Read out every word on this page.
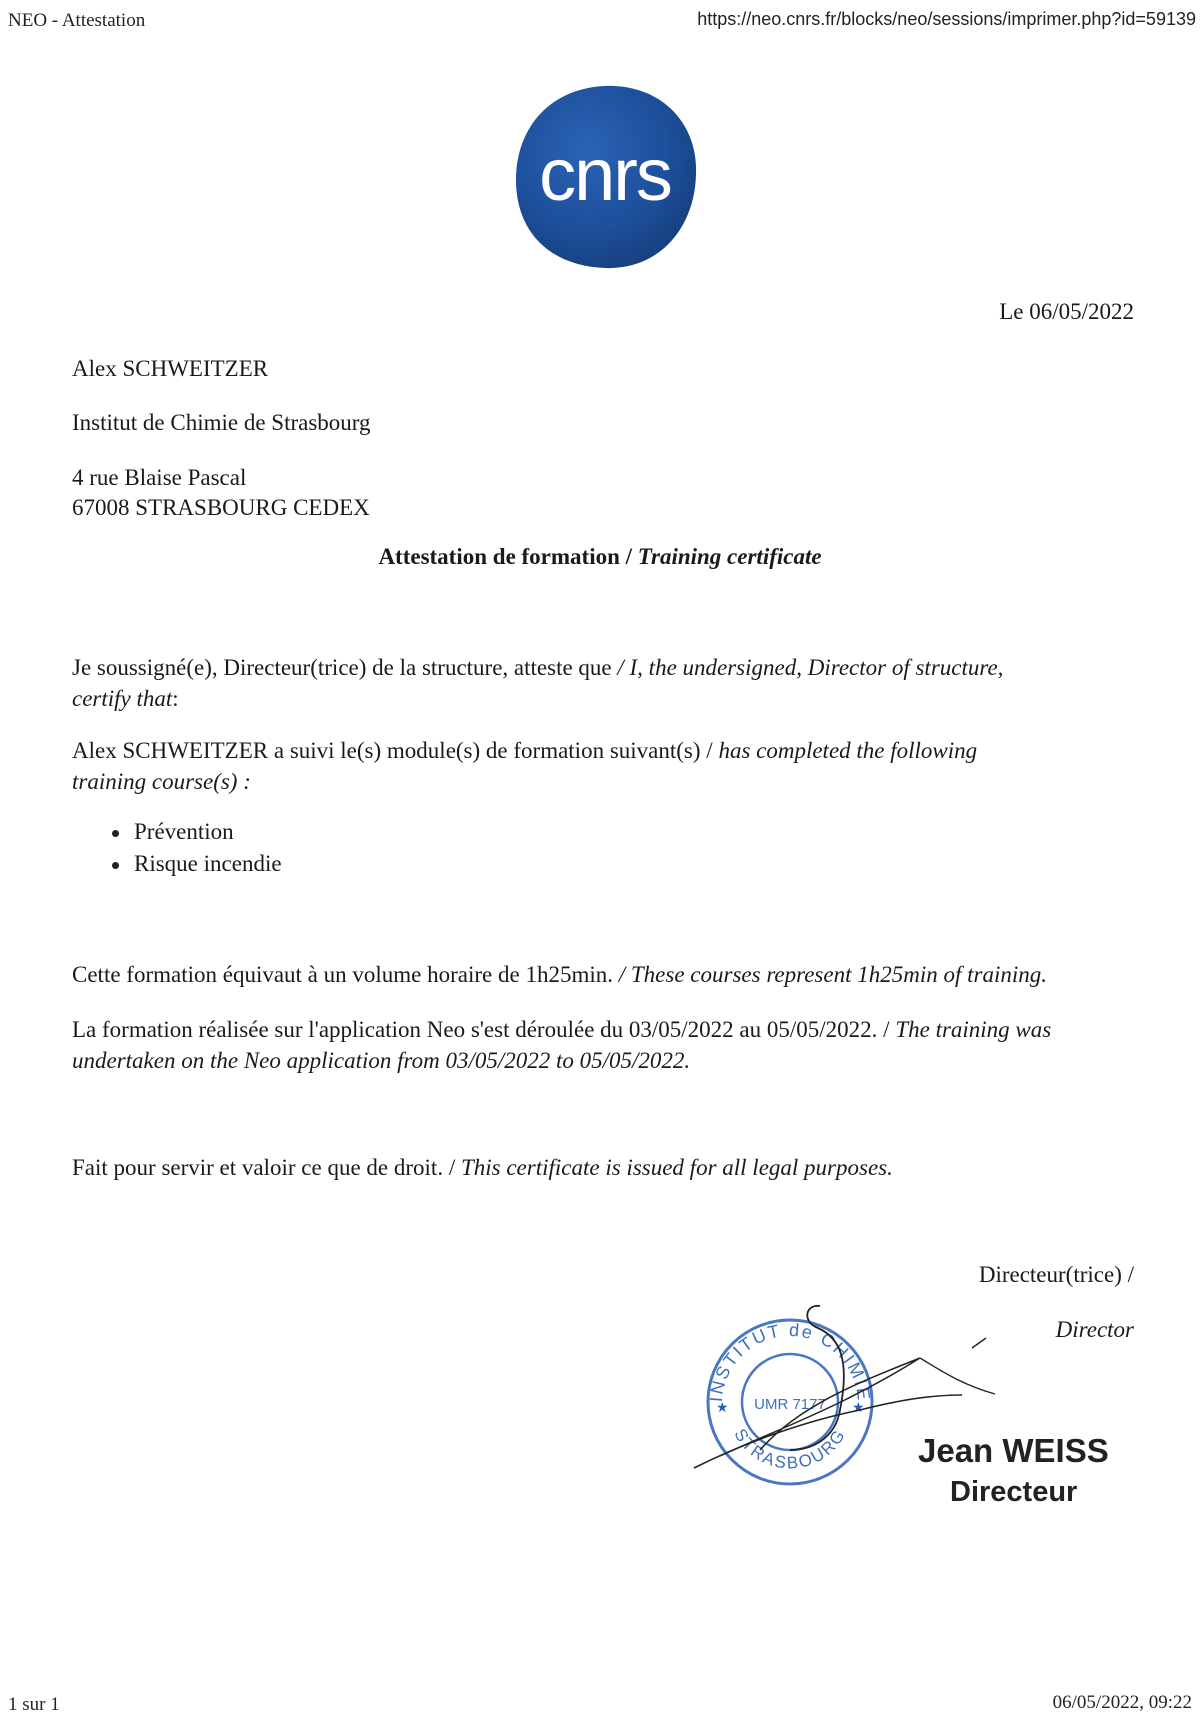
NEO - Attestation	https://neo.cnrs.fr/blocks/neo/sessions/imprimer.php?id=59139
cnrs
Le 06/05/2022
Alex SCHWEITZER
Institut de Chimie de Strasbourg
4 rue Blaise Pascal
67008 STRASBOURG CEDEX
Attestation de formation / Training certificate
Je soussigné(e), Directeur(trice) de la structure, atteste que / I, the undersigned, Director of structure,
certify that:
Alex SCHWEITZER a suivi le(s) module(s) de formation suivant(s) / has completed the following
training course(s) :
Prévention
Risque incendie
Cette formation équivaut à un volume horaire de 1h25min. / These courses represent 1h25min of training.
La formation réalisée sur l'application Neo s'est déroulée du 03/05/2022 au 05/05/2022. / The training was
undertaken on the Neo application from 03/05/2022 to 05/05/2022.
Fait pour servir et valoir ce que de droit. / This certificate is issued for all legal purposes.
Directeur(trice) /
Director
INSTITUT de CHIMIE
UMR 7177
STRASBOURG
★	★
Jean WEISS
Directeur
1 sur 1	06/05/2022, 09:22
